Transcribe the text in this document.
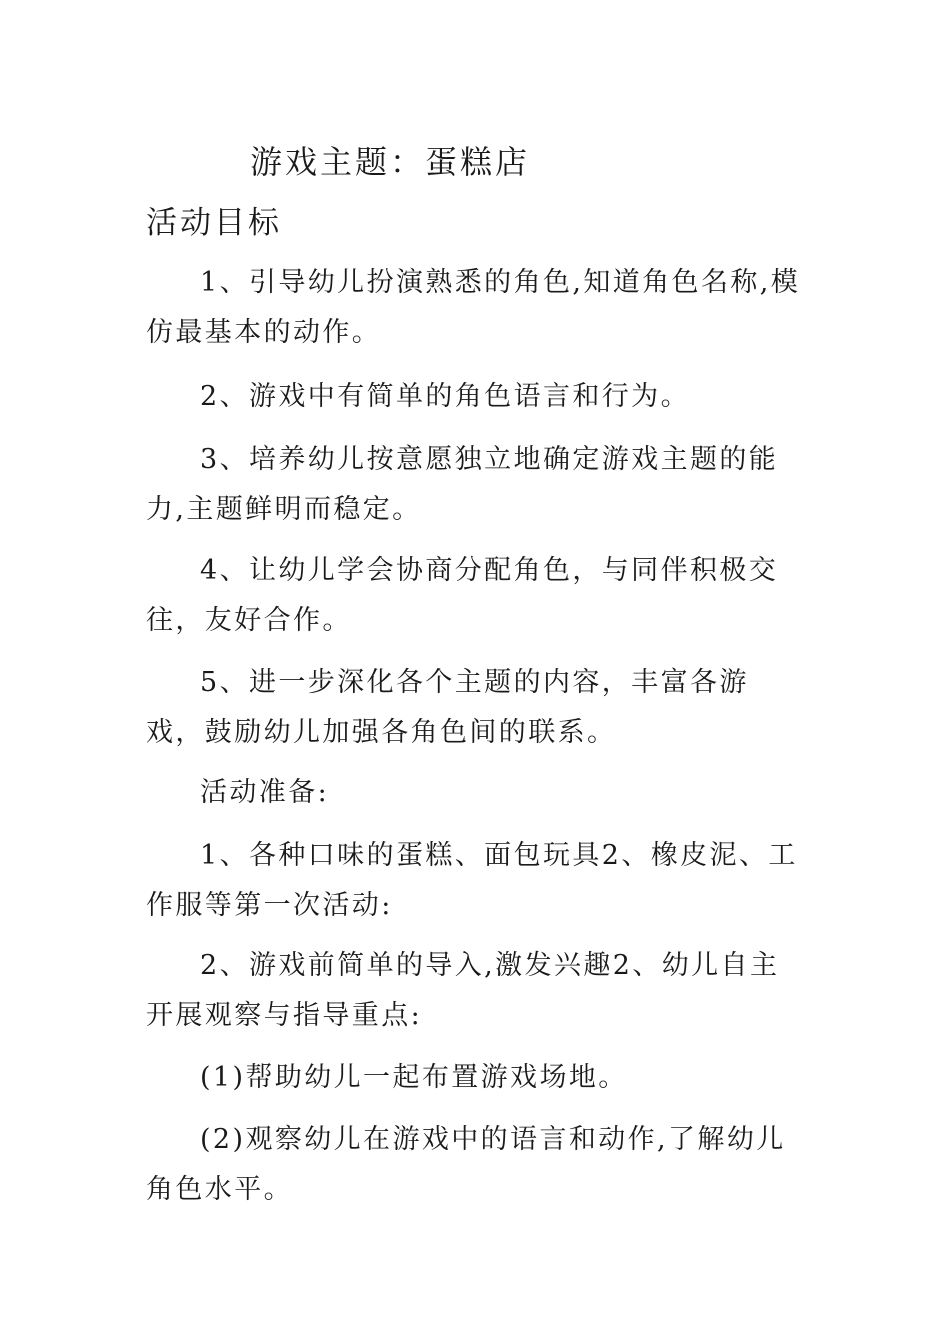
游戏主题：蛋糕店
活动目标

1、引导幼儿扮演熟悉的角色,知道角色名称,模仿最基本的动作。

2、游戏中有简单的角色语言和行为。

3、培养幼儿按意愿独立地确定游戏主题的能力,主题鲜明而稳定。

4、让幼儿学会协商分配角色，与同伴积极交往，友好合作。

5、进一步深化各个主题的内容，丰富各游戏，鼓励幼儿加强各角色间的联系。

活动准备:

1、各种口味的蛋糕、面包玩具2、橡皮泥、工作服等第一次活动:

2、游戏前简单的导入,激发兴趣2、幼儿自主开展观察与指导重点:

(1)帮助幼儿一起布置游戏场地。

(2)观察幼儿在游戏中的语言和动作,了解幼儿角色水平。
